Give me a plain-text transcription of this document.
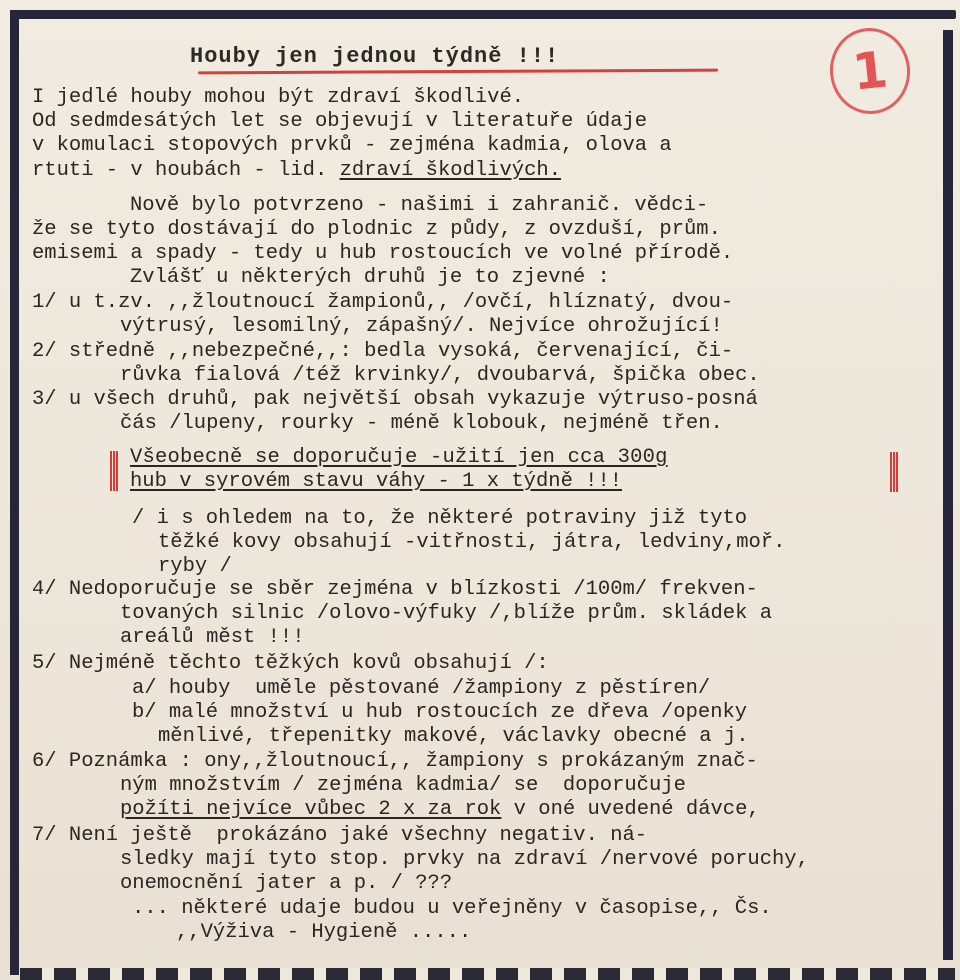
Houby jen jednou týdně !!!	1
I jedlé houby mohou být zdraví škodlivé.
Od sedmdesátých let se objevují v literatuře údaje
v komulaci stopových prvků - zejména kadmia, olova a
rtuti - v houbách - lid. zdraví škodlivých.
Nově bylo potvrzeno - našimi i zahranič. vědci-
že se tyto dostávají do plodnic z půdy, z ovzduší, prům.
emisemi a spady - tedy u hub rostoucích ve volné přírodě.
Zvlášť u některých druhů je to zjevné :
1/ u t.zv. ,,žloutnoucí žampionů,, /ovčí, hlíznatý, dvou-
výtrusý, lesomilný, zápašný/. Nejvíce ohrožující!
2/ středně ,,nebezpečné,,: bedla vysoká, červenající, či-
růvka fialová /též krvinky/, dvoubarvá, špička obec.
3/ u všech druhů, pak největší obsah vykazuje výtruso-posná
čás /lupeny, rourky - méně klobouk, nejméně třen.
Všeobecně se doporučuje -užití jen cca 300g
hub v syrovém stavu váhy - 1 x týdně !!!
/ i s ohledem na to, že některé potraviny již tyto
těžké kovy obsahují -vitřnosti, játra, ledviny,moř.
ryby /
4/ Nedoporučuje se sběr zejména v blízkosti /100m/ frekven-
tovaných silnic /olovo-výfuky /,blíže prům. skládek a
areálů měst !!!
5/ Nejméně těchto těžkých kovů obsahují /:
a/ houby  uměle pěstované /žampiony z pěstíren/
b/ malé množství u hub rostoucích ze dřeva /openky
měnlivé, třepenitky makové, václavky obecné a j.
6/ Poznámka : ony,,žloutnoucí,, žampiony s prokázaným znač-
ným množstvím / zejména kadmia/ se  doporučuje
požíti nejvíce vůbec 2 x za rok v oné uvedené dávce,
7/ Není ještě  prokázáno jaké všechny negativ. ná-
sledky mají tyto stop. prvky na zdraví /nervové poruchy,
onemocnění jater a p. / ???
... některé udaje budou u veřejněny v časopise,, Čs.
,,Výživa - Hygieně .....
